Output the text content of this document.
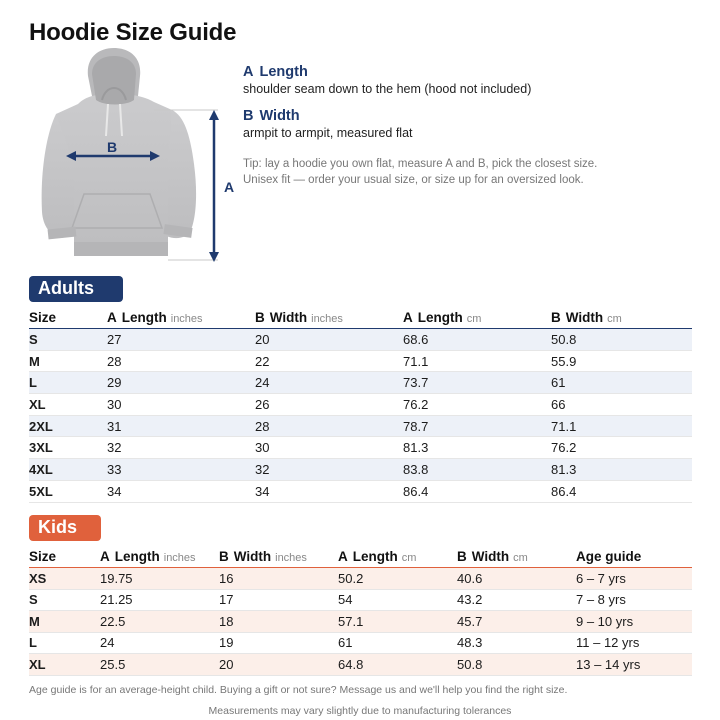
Hoodie Size Guide
B
A
A Length
shoulder seam down to the hem (hood not included)
B Width
armpit to armpit, measured flat
Tip: lay a hoodie you own flat, measure A and B, pick the closest size.
Unisex fit — order your usual size, or size up for an oversized look.
Adults
Size	A Length inches	B Width inches	A Length cm	B Width cm
S	27	20	68.6	50.8
M	28	22	71.1	55.9
L	29	24	73.7	61
XL	30	26	76.2	66
2XL	31	28	78.7	71.1
3XL	32	30	81.3	76.2
4XL	33	32	83.8	81.3
5XL	34	34	86.4	86.4
Kids
Size	A Length inches	B Width inches	A Length cm	B Width cm	Age guide
XS	19.75	16	50.2	40.6	6 – 7 yrs
S	21.25	17	54	43.2	7 – 8 yrs
M	22.5	18	57.1	45.7	9 – 10 yrs
L	24	19	61	48.3	11 – 12 yrs
XL	25.5	20	64.8	50.8	13 – 14 yrs
Age guide is for an average-height child. Buying a gift or not sure? Message us and we'll help you find the right size.
Measurements may vary slightly due to manufacturing tolerances
